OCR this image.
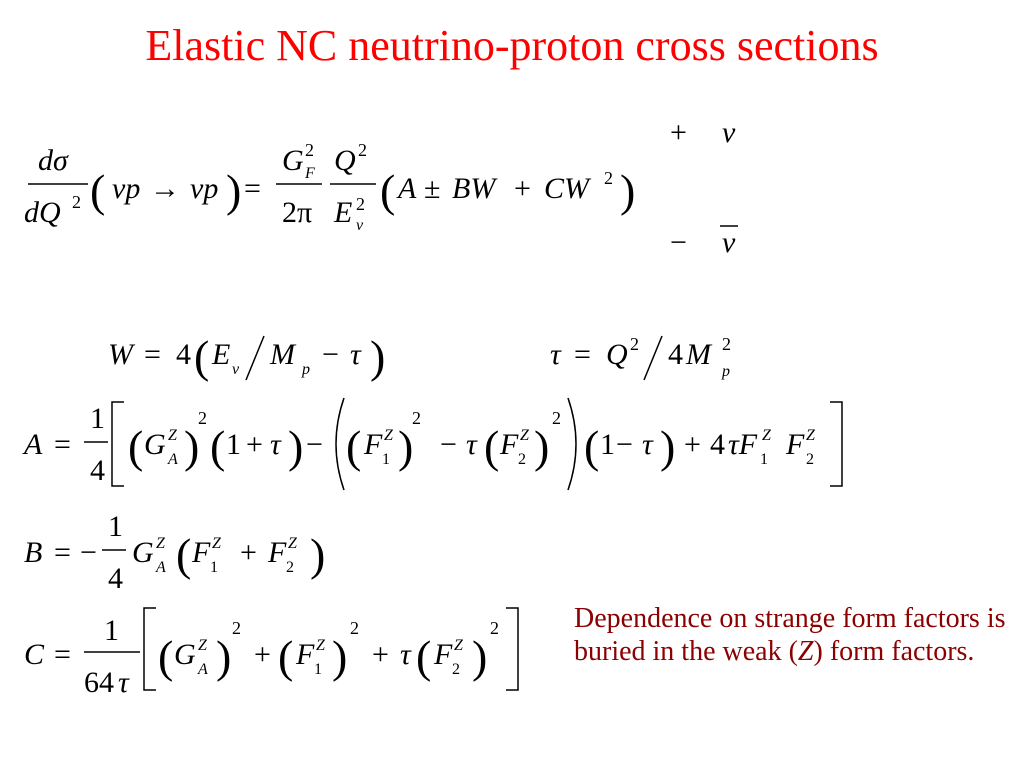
Elastic NC neutrino-proton cross sections
dσ
dQ 2 ( νp → νp ) =
G 2
F
2π
Q 2
E 2
ν
( A ± BW + CW 2 )
+ ν
− ν
W = 4 ( E ν M p − τ )	τ = Q 2 4 M 2
p
A =
1
4 ( G Z
A )
2
( 1 + τ ) − ( F Z
1 )
2
− τ ( F Z
2 )
2
( 1 − τ ) + 4 τF Z
1 F Z
2
B = −
1
4
G Z
A ( F Z
1 + F Z
2 )
C =
1
64 τ
( G Z
A )
2
+ ( F Z
1 )
2
+ τ ( F Z
2 )
2	Dependence on strange form factors is buried in the weak (Z) form factors.
